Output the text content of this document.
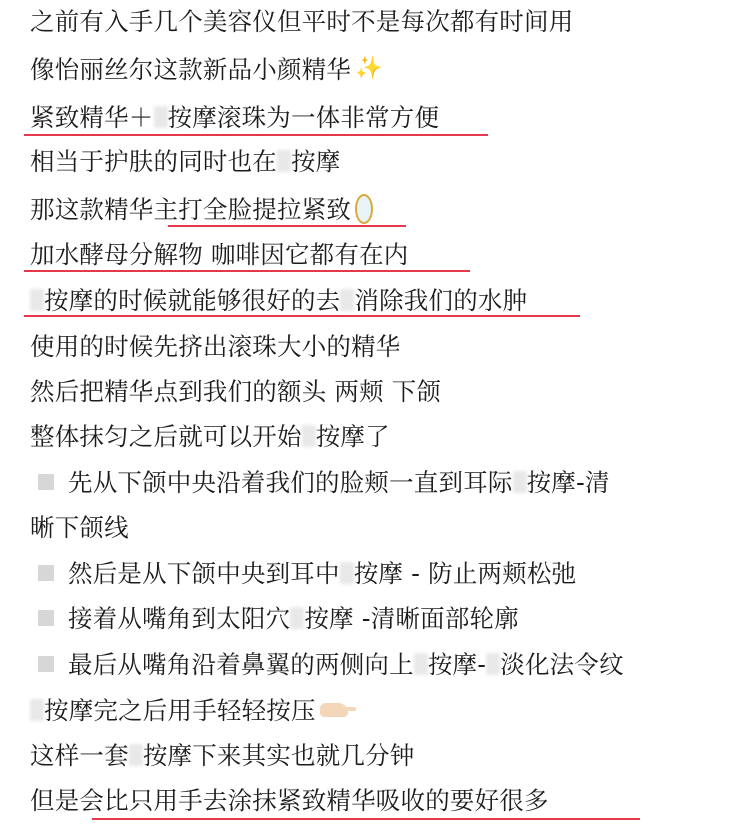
之前有入手几个美容仪但平时不是每次都有时间用
像怡丽丝尔这款新品小颜精华 ✨
紧致精华＋ 按摩滚珠为一体非常方便
相当于护肤的同时也在 按摩
那这款精华主打全脸提拉紧致
加水酵母分解物 咖啡因它都有在内
按摩的时候就能够很好的去 消除我们的水肿
使用的时候先挤出滚珠大小的精华
然后把精华点到我们的额头 两颊 下颌
整体抹匀之后就可以开始 按摩了
先从下颌中央沿着我们的脸颊一直到耳际 按摩-清
晰下颌线
然后是从下颌中央到耳中 按摩 - 防止两颊松弛
接着从嘴角到太阳穴 按摩 -清晰面部轮廓
最后从嘴角沿着鼻翼的两侧向上 按摩- 淡化法令纹
按摩完之后用手轻轻按压
这样一套 按摩下来其实也就几分钟
但是会比只用手去涂抹紧致精华吸收的要好很多
